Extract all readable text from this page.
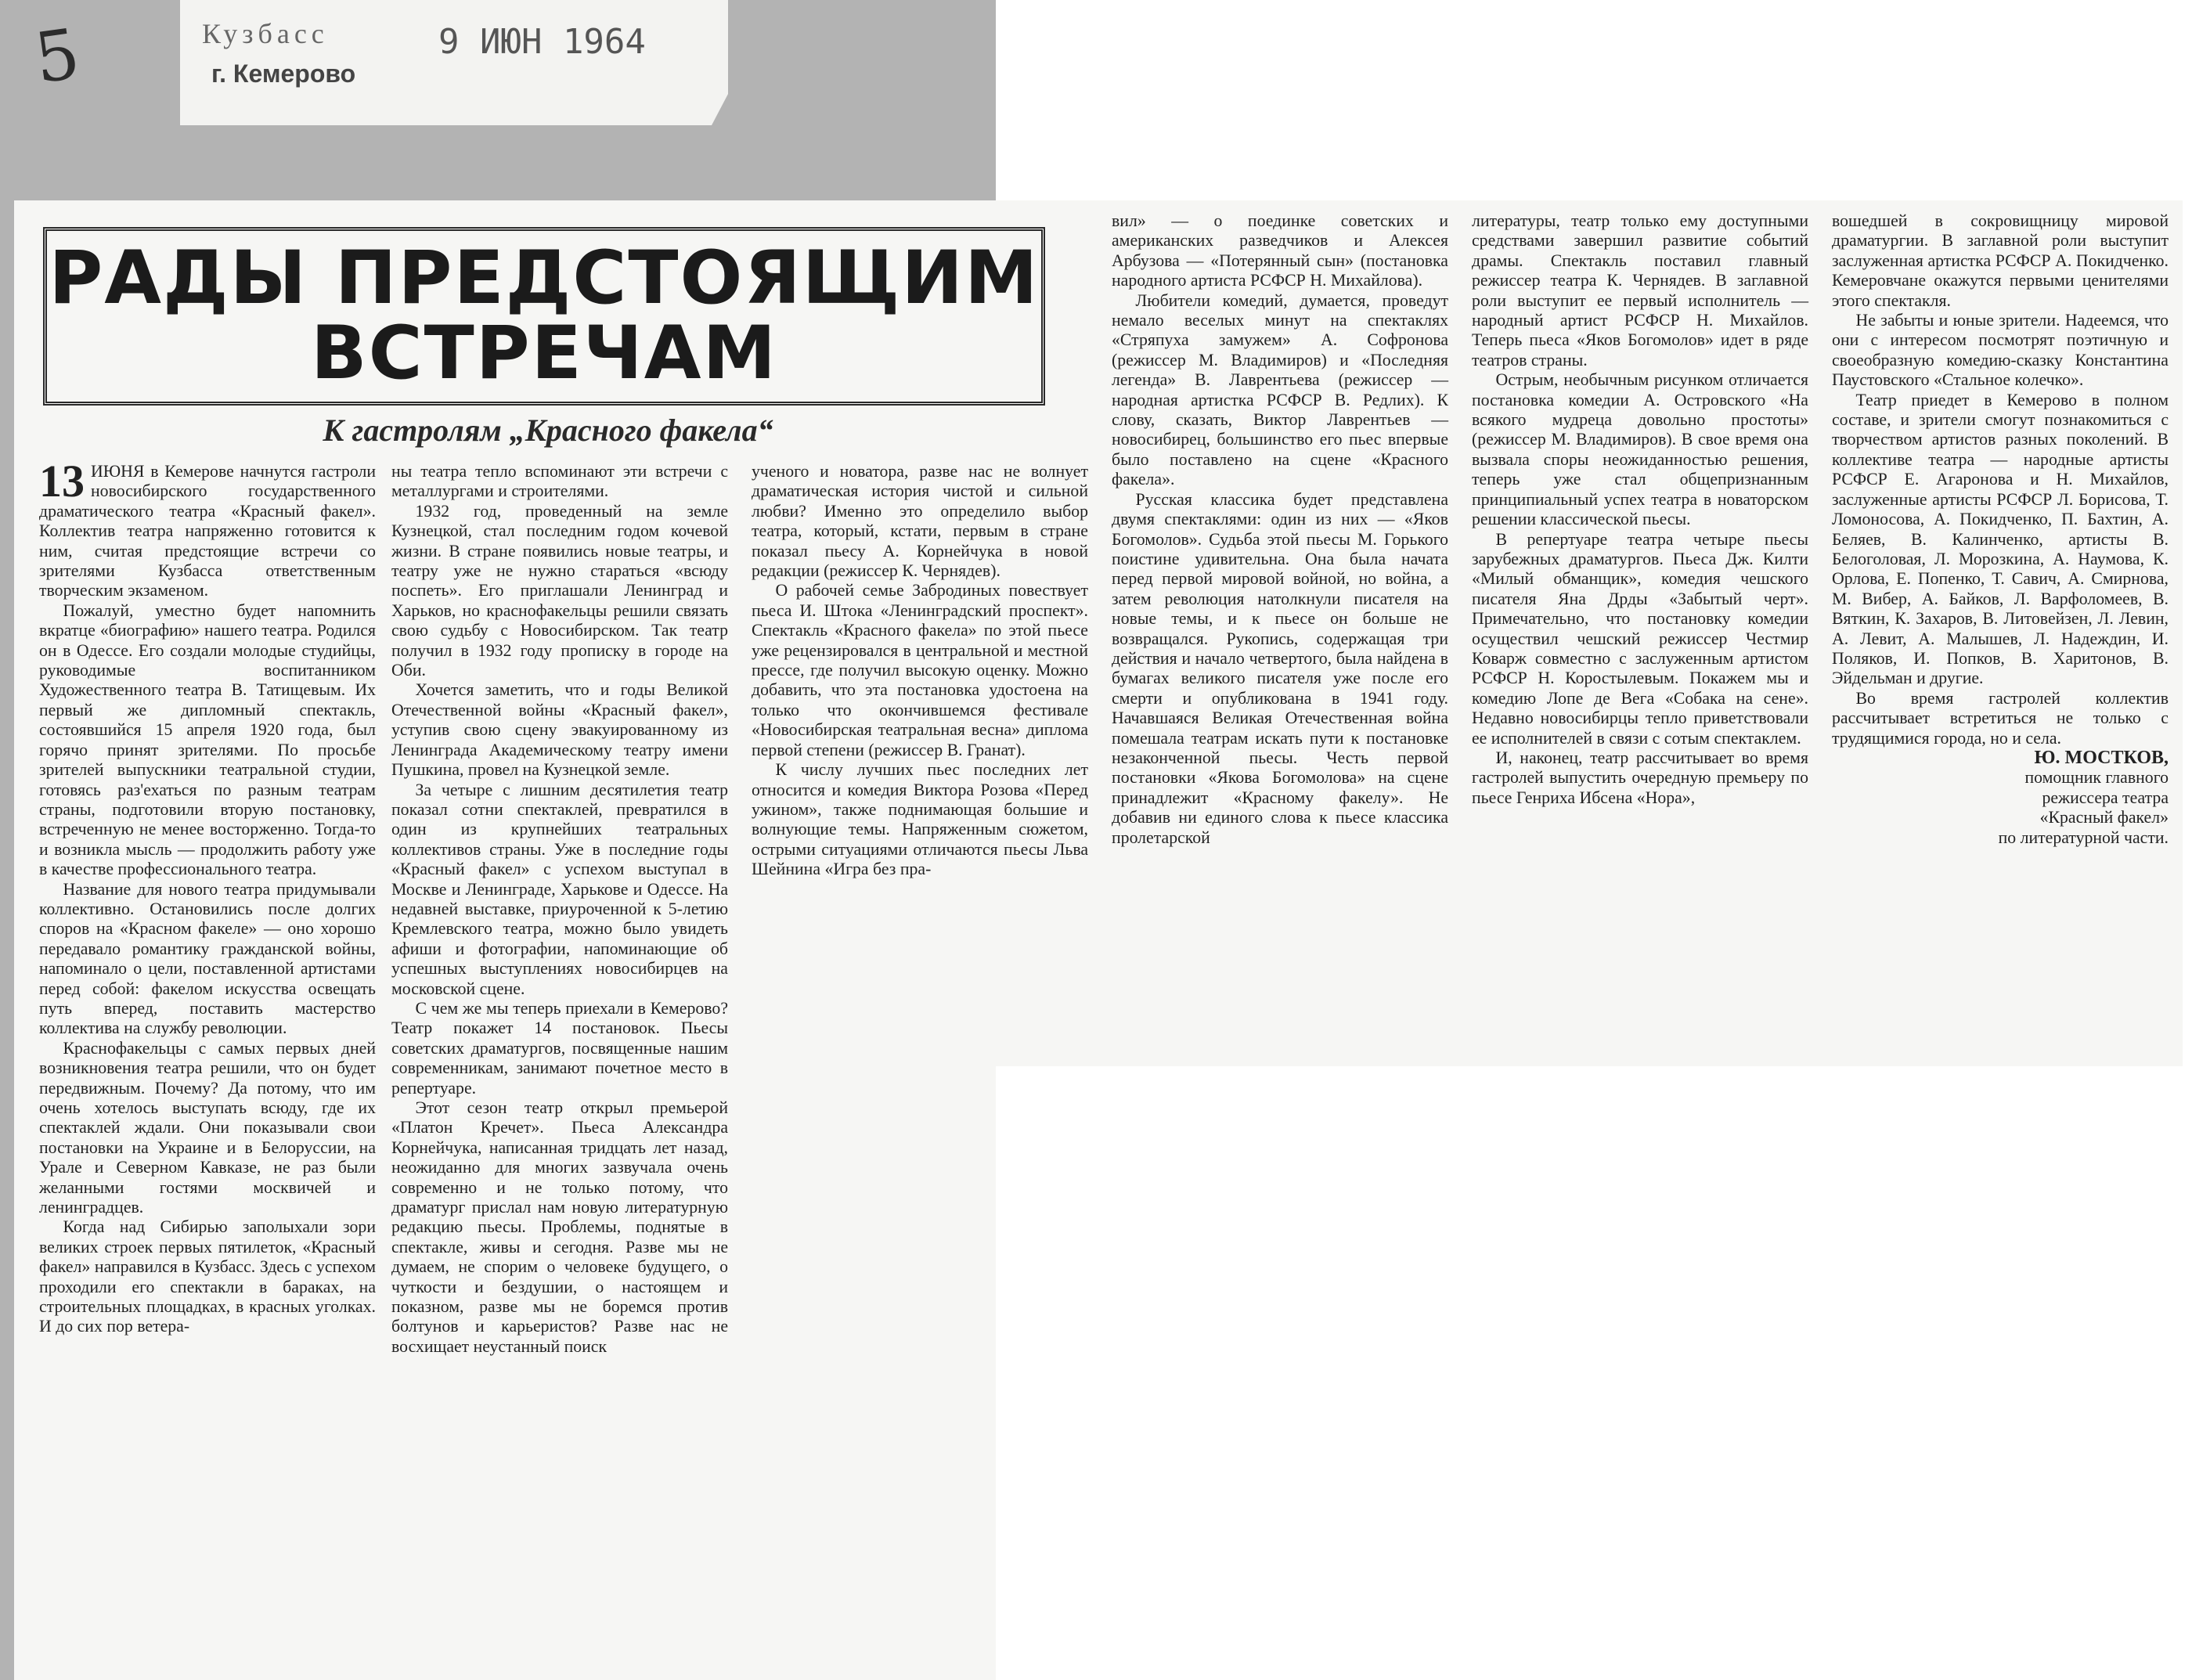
5	Кузбасс
г. Кемерово
9 ИЮН 1964
РАДЫ ПРЕДСТОЯЩИМ
ВСТРЕЧАМ
К гастролям „Красного факела“

13 ИЮНЯ в Кемерове начнутся гастроли новосибирского государственного драматического театра «Красный факел». Коллектив театра напряженно готовится к ним, считая предстоящие встречи со зрителями Кузбасса ответственным творческим экзаменом.

Пожалуй, уместно будет напомнить вкратце «биографию» нашего театра. Родился он в Одессе. Его создали молодые студийцы, руководимые воспитанником Художественного театра В. Татищевым. Их первый же дипломный спектакль, состоявшийся 15 апреля 1920 года, был горячо принят зрителями. По просьбе зрителей выпускники театральной студии, готовясь раз'ехаться по разным театрам страны, подготовили вторую постановку, встреченную не менее восторженно. Тогда-то и возникла мысль — продолжить работу уже в качестве профессионального театра.

Название для нового театра придумывали коллективно. Остановились после долгих споров на «Красном факеле» — оно хорошо передавало романтику гражданской войны, напоминало о цели, поставленной артистами перед собой: факелом искусства освещать путь вперед, поставить мастерство коллектива на службу революции.

Краснофакельцы с самых первых дней возникновения театра решили, что он будет передвижным. Почему? Да потому, что им очень хотелось выступать всюду, где их спектаклей ждали. Они показывали свои постановки на Украине и в Белоруссии, на Урале и Северном Кавказе, не раз были желанными гостями москвичей и ленинградцев.

Когда над Сибирью заполыхали зори великих строек первых пятилеток, «Красный факел» направился в Кузбасс. Здесь с успехом проходили его спектакли в бараках, на строительных площадках, в красных уголках. И до сих пор ветера-

ны театра тепло вспоминают эти встречи с металлургами и строителями.

1932 год, проведенный на земле Кузнецкой, стал последним годом кочевой жизни. В стране появились новые театры, и театру уже не нужно стараться «всюду поспеть». Его приглашали Ленинград и Харьков, но краснофакельцы решили связать свою судьбу с Новосибирском. Так театр получил в 1932 году прописку в городе на Оби.

Хочется заметить, что и годы Великой Отечественной войны «Красный факел», уступив свою сцену эвакуированному из Ленинграда Академическому театру имени Пушкина, провел на Кузнецкой земле.

За четыре с лишним десятилетия театр показал сотни спектаклей, превратился в один из крупнейших театральных коллективов страны. Уже в последние годы «Красный факел» с успехом выступал в Москве и Ленинграде, Харькове и Одессе. На недавней выставке, приуроченной к 5-летию Кремлевского театра, можно было увидеть афиши и фотографии, напоминающие об успешных выступлениях новосибирцев на московской сцене.

С чем же мы теперь приехали в Кемерово? Театр покажет 14 постановок. Пьесы советских драматургов, посвященные нашим современникам, занимают почетное место в репертуаре.

Этот сезон театр открыл премьерой «Платон Кречет». Пьеса Александра Корнейчука, написанная тридцать лет назад, неожиданно для многих зазвучала очень современно и не только потому, что драматург прислал нам новую литературную редакцию пьесы. Проблемы, поднятые в спектакле, живы и сегодня. Разве мы не думаем, не спорим о человеке будущего, о чуткости и бездушии, о настоящем и показном, разве мы не боремся против болтунов и карьеристов? Разве нас не восхищает неустанный поиск

ученого и новатора, разве нас не волнует драматическая история чистой и сильной любви? Именно это определило выбор театра, который, кстати, первым в стране показал пьесу А. Корнейчука в новой редакции (режиссер К. Чернядев).

О рабочей семье Забродиных повествует пьеса И. Штока «Ленинградский проспект». Спектакль «Красного факела» по этой пьесе уже рецензировался в центральной и местной прессе, где получил высокую оценку. Можно добавить, что эта постановка удостоена на только что окончившемся фестивале «Новосибирская театральная весна» диплома первой степени (режиссер В. Гранат).

К числу лучших пьес последних лет относится и комедия Виктора Розова «Перед ужином», также поднимающая большие и волнующие темы. Напряженным сюжетом, острыми ситуациями отличаются пьесы Льва Шейнина «Игра без пра-

вил» — о поединке советских и американских разведчиков и Алексея Арбузова — «Потерянный сын» (постановка народного артиста РСФСР Н. Михайлова).

Любители комедий, думается, проведут немало веселых минут на спектаклях «Стряпуха замужем» А. Софронова (режиссер М. Владимиров) и «Последняя легенда» В. Лаврентьева (режиссер — народная артистка РСФСР В. Редлих). К слову, сказать, Виктор Лаврентьев — новосибирец, большинство его пьес впервые было поставлено на сцене «Красного факела».

Русская классика будет представлена двумя спектаклями: один из них — «Яков Богомолов». Судьба этой пьесы М. Горького поистине удивительна. Она была начата перед первой мировой войной, но война, а затем революция натолкнули писателя на новые темы, и к пьесе он больше не возвращался. Рукопись, содержащая три действия и начало четвертого, была найдена в бумагах великого писателя уже после его смерти и опубликована в 1941 году. Начавшаяся Великая Отечественная война помешала театрам искать пути к постановке незаконченной пьесы. Честь первой постановки «Якова Богомолова» на сцене принадлежит «Красному факелу». Не добавив ни единого слова к пьесе классика пролетарской

литературы, театр только ему доступными средствами завершил развитие событий драмы. Спектакль поставил главный режиссер театра К. Чернядев. В заглавной роли выступит ее первый исполнитель — народный артист РСФСР Н. Михайлов. Теперь пьеса «Яков Богомолов» идет в ряде театров страны.

Острым, необычным рисунком отличается постановка комедии А. Островского «На всякого мудреца довольно простоты» (режиссер М. Владимиров). В свое время она вызвала споры неожиданностью решения, теперь уже стал общепризнанным принципиальный успех театра в новаторском решении классической пьесы.

В репертуаре театра четыре пьесы зарубежных драматургов. Пьеса Дж. Килти «Милый обманщик», комедия чешского писателя Яна Дрды «Забытый черт». Примечательно, что постановку комедии осуществил чешский режиссер Честмир Коварж совместно с заслуженным артистом РСФСР Н. Коростылевым. Покажем мы и комедию Лопе де Вега «Собака на сене». Недавно новосибирцы тепло приветствовали ее исполнителей в связи с сотым спектаклем.

И, наконец, театр рассчитывает во время гастролей выпустить очередную премьеру по пьесе Генриха Ибсена «Нора»,

вошедшей в сокровищницу мировой драматургии. В заглавной роли выступит заслуженная артистка РСФСР А. Покидченко. Кемеровчане окажутся первыми ценителями этого спектакля.

Не забыты и юные зрители. Надеемся, что они с интересом посмотрят поэтичную и своеобразную комедию-сказку Константина Паустовского «Стальное колечко».

Театр приедет в Кемерово в полном составе, и зрители смогут познакомиться с творчеством артистов разных поколений. В коллективе театра — народные артисты РСФСР Е. Агаронова и Н. Михайлов, заслуженные артисты РСФСР Л. Борисова, Т. Ломоносова, А. Покидченко, П. Бахтин, А. Беляев, В. Калинченко, артисты В. Белоголовая, Л. Морозкина, А. Наумова, К. Орлова, Е. Попенко, Т. Савич, А. Смирнова, М. Вибер, А. Байков, Л. Варфоломеев, В. Вяткин, К. Захаров, В. Литовейзен, Л. Левин, А. Левит, А. Малышев, Л. Надеждин, И. Поляков, И. Попков, В. Харитонов, В. Эйдельман и другие.

Во время гастролей коллектив рассчитывает встретиться не только с трудящимися города, но и села.

Ю. МОСТКОВ,

помощник главного

режиссера театра

«Красный факел»

по литературной части.
